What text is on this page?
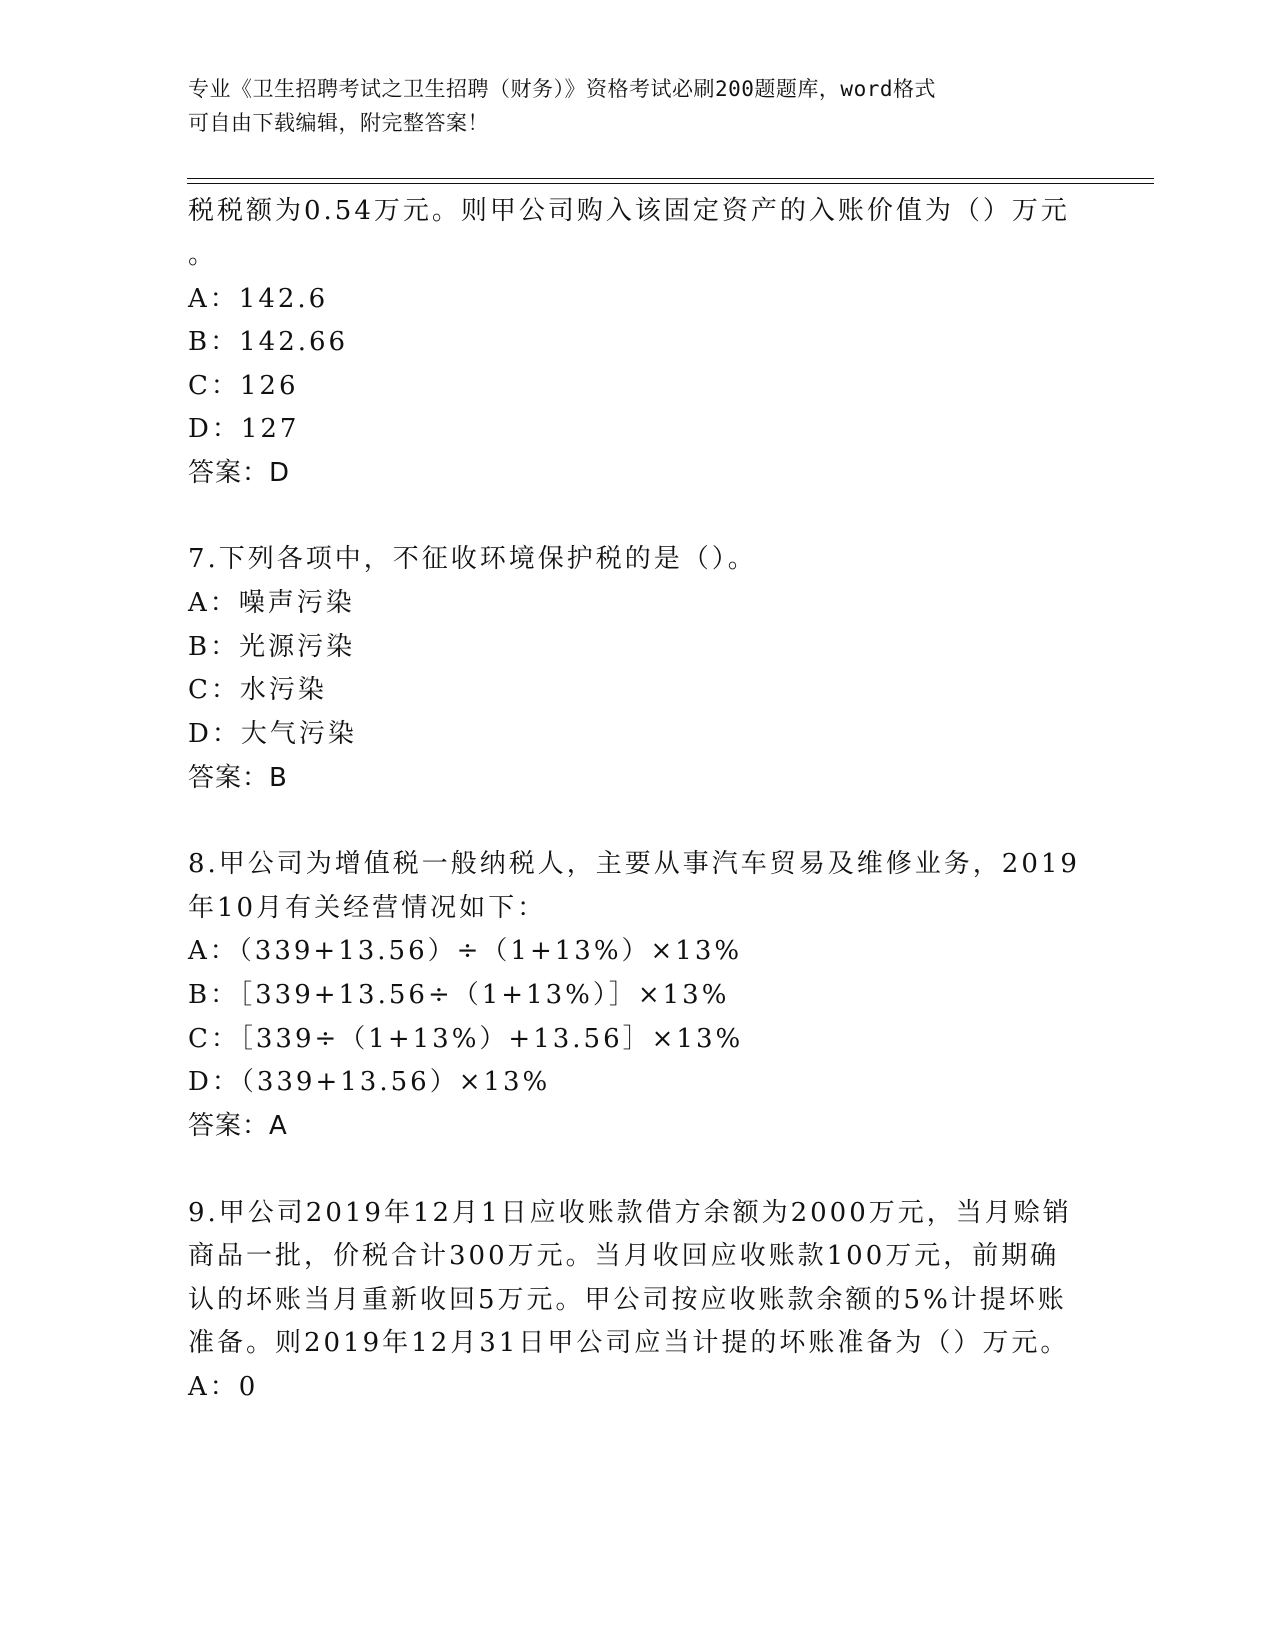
专业《卫生招聘考试之卫生招聘（财务）》资格考试必刷200题题库，word格式
可自由下载编辑，附完整答案！
税税额为0.54万元。则甲公司购入该固定资产的入账价值为（）万元
。
A：142.6
B：142.66
C：126
D：127
答案：D
7.下列各项中，不征收环境保护税的是（）。
A：噪声污染
B：光源污染
C：水污染
D：大气污染
答案：B
8.甲公司为增值税一般纳税人，主要从事汽车贸易及维修业务，2019
年10月有关经营情况如下：
A：（339+13.56）÷（1+13%）×13%
B：［339+13.56÷（1+13%）］×13%
C：［339÷（1+13%）+13.56］×13%
D：（339+13.56）×13%
答案：A
9.甲公司2019年12月1日应收账款借方余额为2000万元，当月赊销
商品一批，价税合计300万元。当月收回应收账款100万元，前期确
认的坏账当月重新收回5万元。甲公司按应收账款余额的5%计提坏账
准备。则2019年12月31日甲公司应当计提的坏账准备为（）万元。
A：0
